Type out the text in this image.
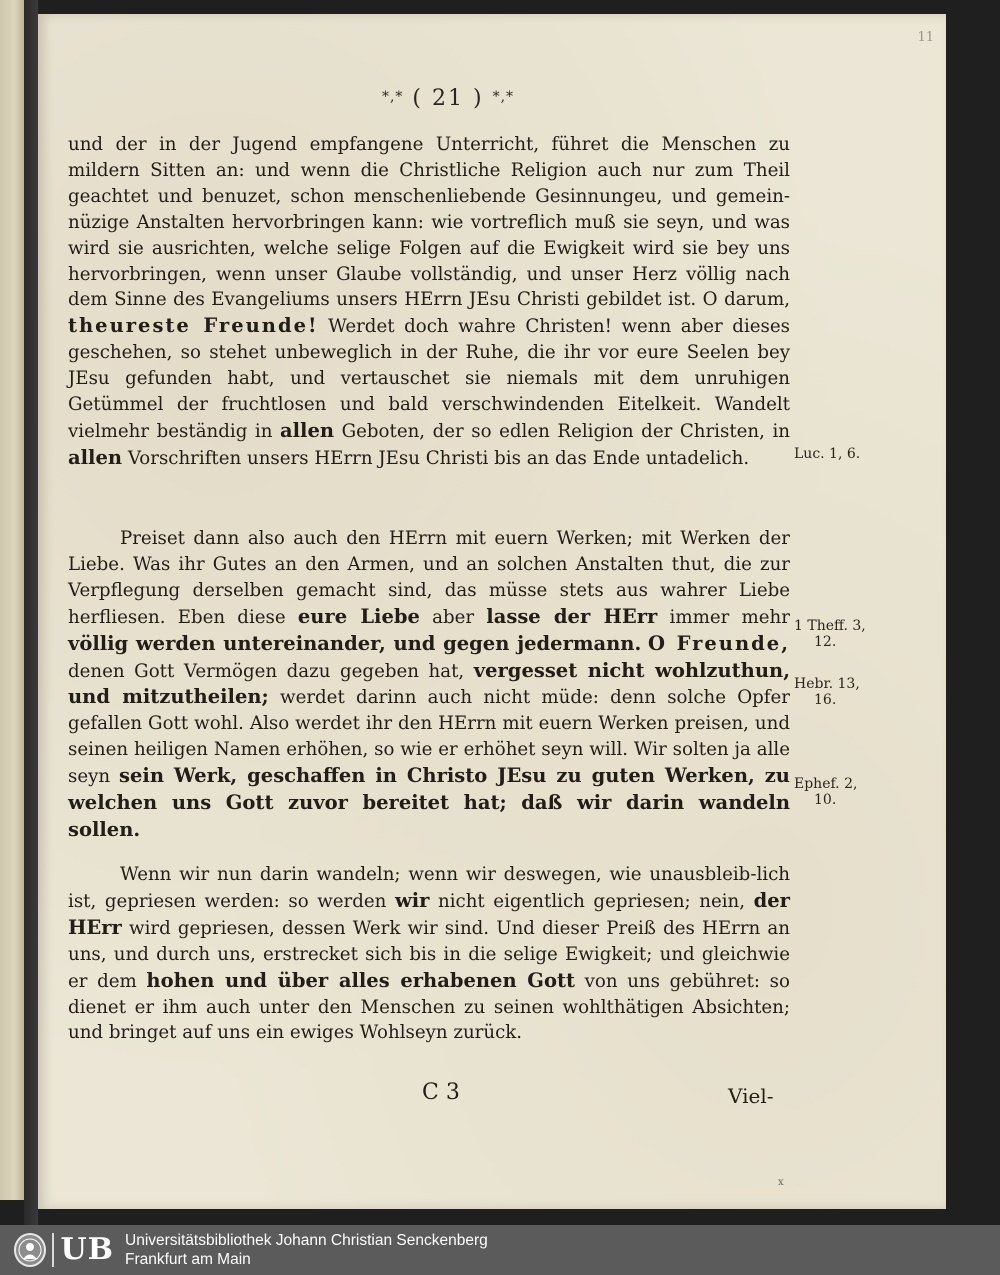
11
*,* ( 21 ) *,*
und der in der Jugend empfangene Unterricht, führet die Menschen zu mildern Sitten an: und wenn die Christliche Religion auch nur zum Theil geachtet und benuzet, schon menschenliebende Gesinnungeu, und gemein-nüzige Anstalten hervorbringen kann: wie vortreflich muß sie seyn, und was wird sie ausrichten, welche selige Folgen auf die Ewigkeit wird sie bey uns hervorbringen, wenn unser Glaube vollständig, und unser Herz völlig nach dem Sinne des Evangeliums unsers HErrn JEsu Christi gebildet ist. O darum, theureste Freunde! Werdet doch wahre Christen! wenn aber dieses geschehen, so stehet unbeweglich in der Ruhe, die ihr vor eure Seelen bey JEsu gefunden habt, und vertauschet sie niemals mit dem unruhigen Getümmel der fruchtlosen und bald verschwindenden Eitelkeit. Wandelt vielmehr beständig in allen Geboten, der so edlen Religion der Christen, in allen Vorschriften unsers HErrn JEsu Christi bis an das Ende untadelich.
Preiset dann also auch den HErrn mit euern Werken; mit Werken der Liebe. Was ihr Gutes an den Armen, und an solchen Anstalten thut, die zur Verpflegung derselben gemacht sind, das müsse stets aus wahrer Liebe herfliesen. Eben diese eure Liebe aber lasse der HErr immer mehr völlig werden untereinander, und gegen jedermann. O Freunde, denen Gott Vermögen dazu gegeben hat, vergesset nicht wohlzuthun, und mitzutheilen; werdet darinn auch nicht müde: denn solche Opfer gefallen Gott wohl. Also werdet ihr den HErrn mit euern Werken preisen, und seinen heiligen Namen erhöhen, so wie er erhöhet seyn will. Wir solten ja alle seyn sein Werk, geschaffen in Christo JEsu zu guten Werken, zu welchen uns Gott zuvor bereitet hat; daß wir darin wandeln sollen.
Wenn wir nun darin wandeln; wenn wir deswegen, wie unausbleib-lich ist, gepriesen werden: so werden wir nicht eigentlich gepriesen; nein, der HErr wird gepriesen, dessen Werk wir sind. Und dieser Preiß des HErrn an uns, und durch uns, erstrecket sich bis in die selige Ewigkeit; und gleichwie er dem hohen und über alles erhabenen Gott von uns gebühret: so dienet er ihm auch unter den Menschen zu seinen wohlthätigen Absichten; und bringet auf uns ein ewiges Wohlseyn zurück.
Luc. 1, 6.
1 Theff. 3,
12.
Hebr. 13,
16.
Ephef. 2,
10.
C 3	Viel-
x
UB Universitätsbibliothek Johann Christian Senckenberg
Frankfurt am Main
